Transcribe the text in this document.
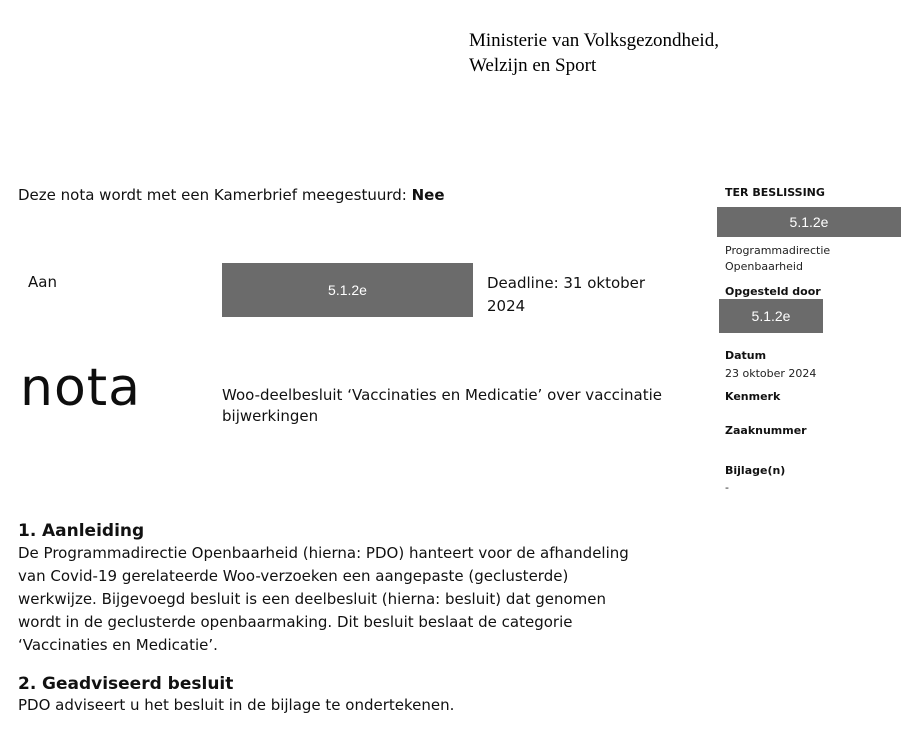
Ministerie van Volksgezondheid,
Welzijn en Sport
Deze nota wordt met een Kamerbrief meegestuurd: Nee
Aan	5.1.2e	Deadline: 31 oktober
2024
nota	Woo-deelbesluit ‘Vaccinaties en Medicatie’ over vaccinatie
bijwerkingen
TER BESLISSING
5.1.2e
Programmadirectie
Openbaarheid
Opgesteld door
5.1.2e
Datum
23 oktober 2024
Kenmerk
Zaaknummer
Bijlage(n)
-
1. Aanleiding
De Programmadirectie Openbaarheid (hierna: PDO) hanteert voor de afhandeling
van Covid-19 gerelateerde Woo-verzoeken een aangepaste (geclusterde)
werkwijze. Bijgevoegd besluit is een deelbesluit (hierna: besluit) dat genomen
wordt in de geclusterde openbaarmaking. Dit besluit beslaat de categorie
‘Vaccinaties en Medicatie’.
2. Geadviseerd besluit
PDO adviseert u het besluit in de bijlage te ondertekenen.
